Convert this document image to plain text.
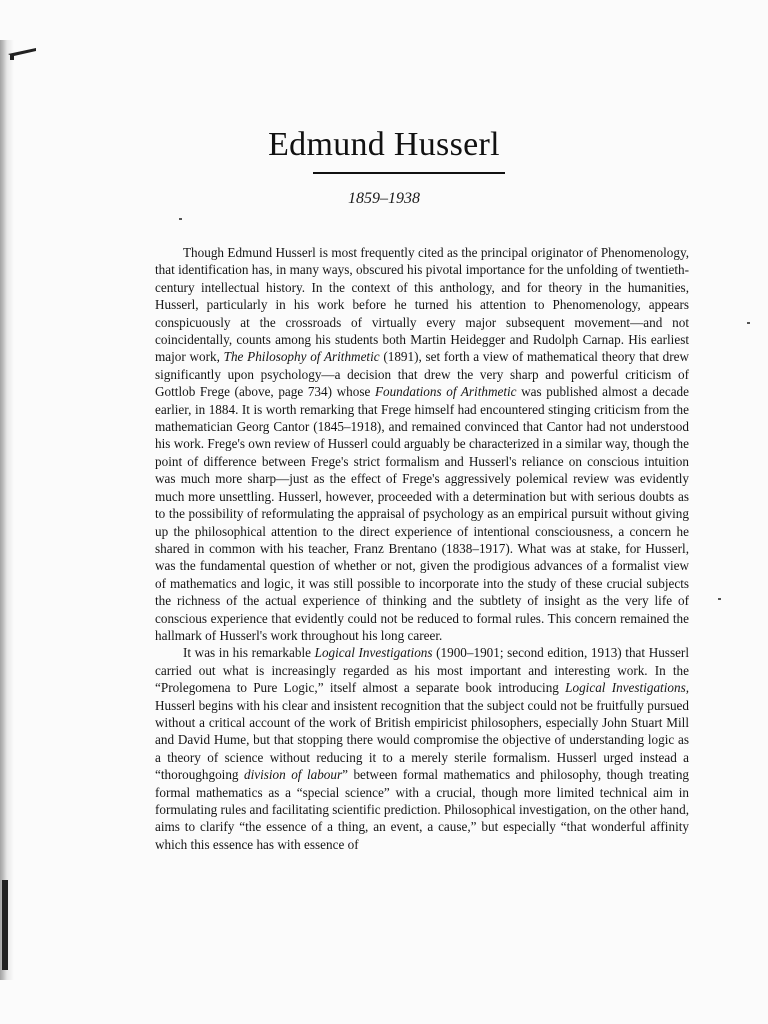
Edmund Husserl
1859–1938

Though Edmund Husserl is most frequently cited as the principal originator of Phenomenology, that identification has, in many ways, obscured his pivotal importance for the unfolding of twentieth-century intellectual history. In the context of this anthology, and for theory in the humanities, Husserl, particularly in his work before he turned his attention to Phenomenology, appears conspicuously at the crossroads of virtually every major subsequent movement—and not coincidentally, counts among his students both Martin Heidegger and Rudolph Carnap. His earliest major work, The Philosophy of Arithmetic (1891), set forth a view of mathematical theory that drew significantly upon psychology—a decision that drew the very sharp and powerful criticism of Gottlob Frege (above, page 734) whose Foundations of Arithmetic was published almost a decade earlier, in 1884. It is worth remarking that Frege himself had encountered stinging criticism from the mathematician Georg Cantor (1845–1918), and remained convinced that Cantor had not understood his work. Frege's own review of Husserl could arguably be characterized in a similar way, though the point of difference between Frege's strict formalism and Husserl's reliance on conscious intuition was much more sharp—just as the effect of Frege's aggressively polemical review was evidently much more unsettling. Husserl, however, proceeded with a determination but with serious doubts as to the possibility of reformulating the appraisal of psychology as an empirical pursuit without giving up the philosophical attention to the direct experience of intentional consciousness, a concern he shared in common with his teacher, Franz Brentano (1838–1917). What was at stake, for Husserl, was the fundamental question of whether or not, given the prodigious advances of a formalist view of mathematics and logic, it was still possible to incorporate into the study of these crucial subjects the richness of the actual experience of thinking and the subtlety of insight as the very life of conscious experience that evidently could not be reduced to formal rules. This concern remained the hallmark of Husserl's work throughout his long career.

It was in his remarkable Logical Investigations (1900–1901; second edition, 1913) that Husserl carried out what is increasingly regarded as his most important and interesting work. In the “Prolegomena to Pure Logic,” itself almost a separate book introducing Logical Investigations, Husserl begins with his clear and insistent recognition that the subject could not be fruitfully pursued without a critical account of the work of British empiricist philosophers, especially John Stuart Mill and David Hume, but that stopping there would compromise the objective of understanding logic as a theory of science without reducing it to a merely sterile formalism. Husserl urged instead a “thoroughgoing division of labour” between formal mathematics and philosophy, though treating formal mathematics as a “special science” with a crucial, though more limited technical aim in formulating rules and facilitating scientific prediction. Philosophical investigation, on the other hand, aims to clarify “the essence of a thing, an event, a cause,” but especially “that wonderful affinity which this essence has with essence of
